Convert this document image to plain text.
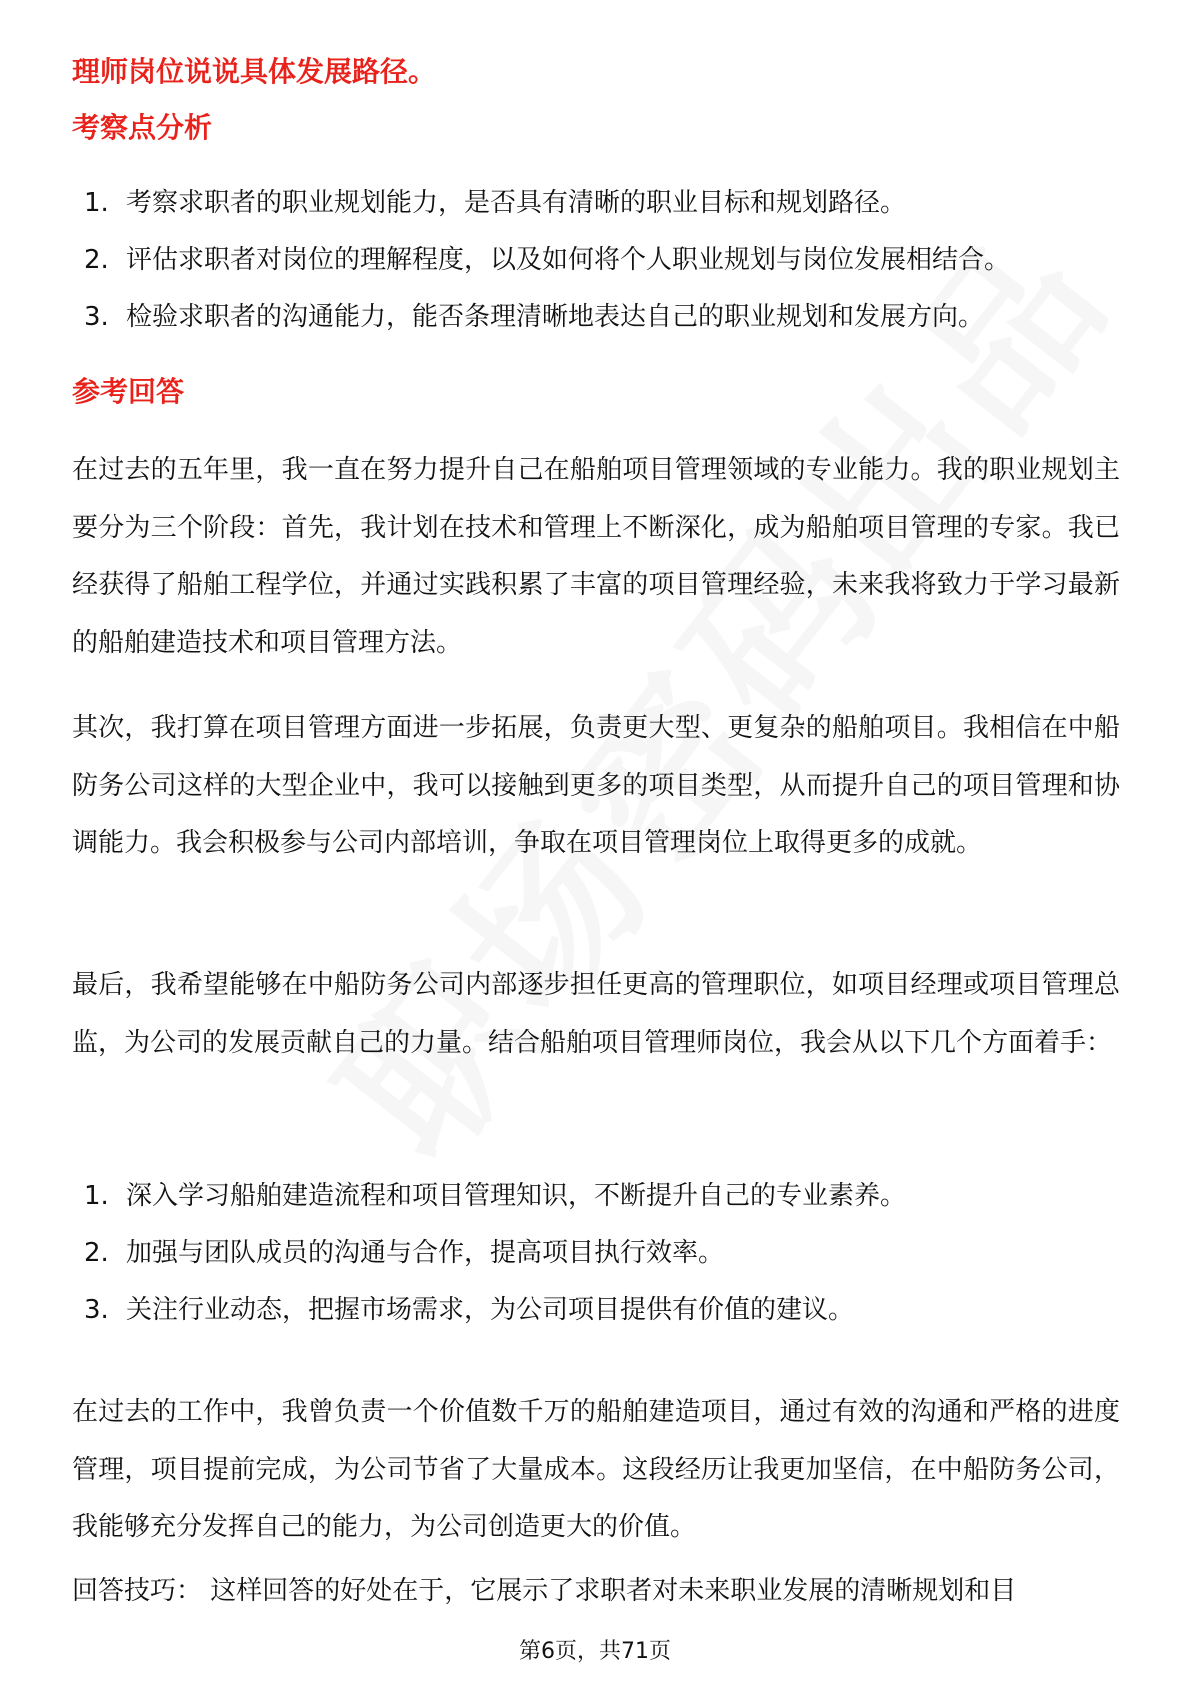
理师岗位说说具体发展路径。
考察点分析
1. 考察求职者的职业规划能力，是否具有清晰的职业目标和规划路径。
2. 评估求职者对岗位的理解程度，以及如何将个人职业规划与岗位发展相结合。
3. 检验求职者的沟通能力，能否条理清晰地表达自己的职业规划和发展方向。
参考回答

在过去的五年里，我一直在努力提升自己在船舶项目管理领域的专业能力。我的职业规划主要分为三个阶段：首先，我计划在技术和管理上不断深化，成为船舶项目管理的专家。我已经获得了船舶工程学位，并通过实践积累了丰富的项目管理经验，未来我将致力于学习最新的船舶建造技术和项目管理方法。

其次，我打算在项目管理方面进一步拓展，负责更大型、更复杂的船舶项目。我相信在中船防务公司这样的大型企业中，我可以接触到更多的项目类型，从而提升自己的项目管理和协调能力。我会积极参与公司内部培训，争取在项目管理岗位上取得更多的成就。

最后，我希望能够在中船防务公司内部逐步担任更高的管理职位，如项目经理或项目管理总监，为公司的发展贡献自己的力量。结合船舶项目管理师岗位，我会从以下几个方面着手：

1. 深入学习船舶建造流程和项目管理知识，不断提升自己的专业素养。
2. 加强与团队成员的沟通与合作，提高项目执行效率。
3. 关注行业动态，把握市场需求，为公司项目提供有价值的建议。

在过去的工作中，我曾负责一个价值数千万的船舶建造项目，通过有效的沟通和严格的进度管理，项目提前完成，为公司节省了大量成本。这段经历让我更加坚信，在中船防务公司，我能够充分发挥自己的能力，为公司创造更大的价值。

回答技巧： 这样回答的好处在于，它展示了求职者对未来职业发展的清晰规划和目

第6页，共71页
